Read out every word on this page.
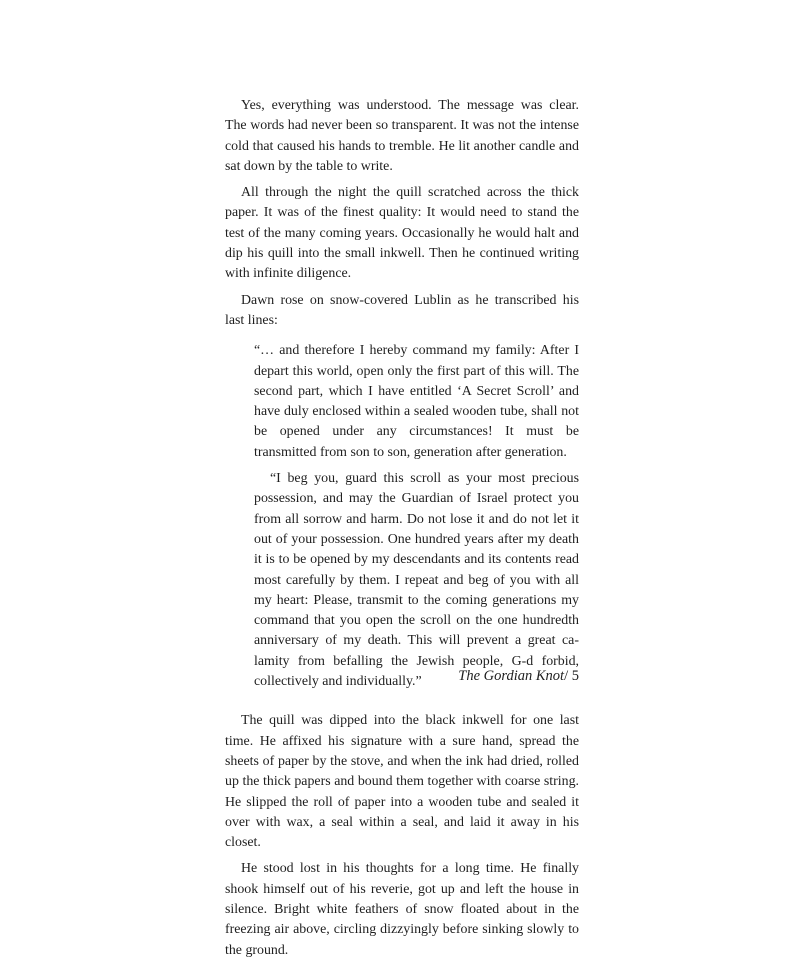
Yes, everything was understood. The message was clear. The words had never been so transparent. It was not the intense cold that caused his hands to tremble. He lit another candle and sat down by the table to write.

All through the night the quill scratched across the thick paper. It was of the finest quality: It would need to stand the test of the many coming years. Occasionally he would halt and dip his quill into the small inkwell. Then he continued writing with infinite diligence.

Dawn rose on snow-covered Lublin as he transcribed his last lines:

“… and therefore I hereby command my family: After I depart this world, open only the first part of this will. The second part, which I have entitled ‘A Secret Scroll’ and have duly enclosed within a sealed wooden tube, shall not be opened under any circumstances! It must be transmitted from son to son, generation after generation.

“I beg you, guard this scroll as your most precious possession, and may the Guardian of Israel protect you from all sorrow and harm. Do not lose it and do not let it out of your possession. One hundred years after my death it is to be opened by my descendants and its contents read most carefully by them. I repeat and beg of you with all my heart: Please, transmit to the coming generations my command that you open the scroll on the one hundredth anniversary of my death. This will prevent a great calamity from befalling the Jewish people, G-d forbid, collectively and individually.”

The quill was dipped into the black inkwell for one last time. He affixed his signature with a sure hand, spread the sheets of paper by the stove, and when the ink had dried, rolled up the thick papers and bound them together with coarse string. He slipped the roll of paper into a wooden tube and sealed it over with wax, a seal within a seal, and laid it away in his closet.

He stood lost in his thoughts for a long time. He finally shook himself out of his reverie, got up and left the house in silence. Bright white feathers of snow floated about in the freezing air above, circling dizzyingly before sinking slowly to the ground.

The Gordian Knot/ 5
